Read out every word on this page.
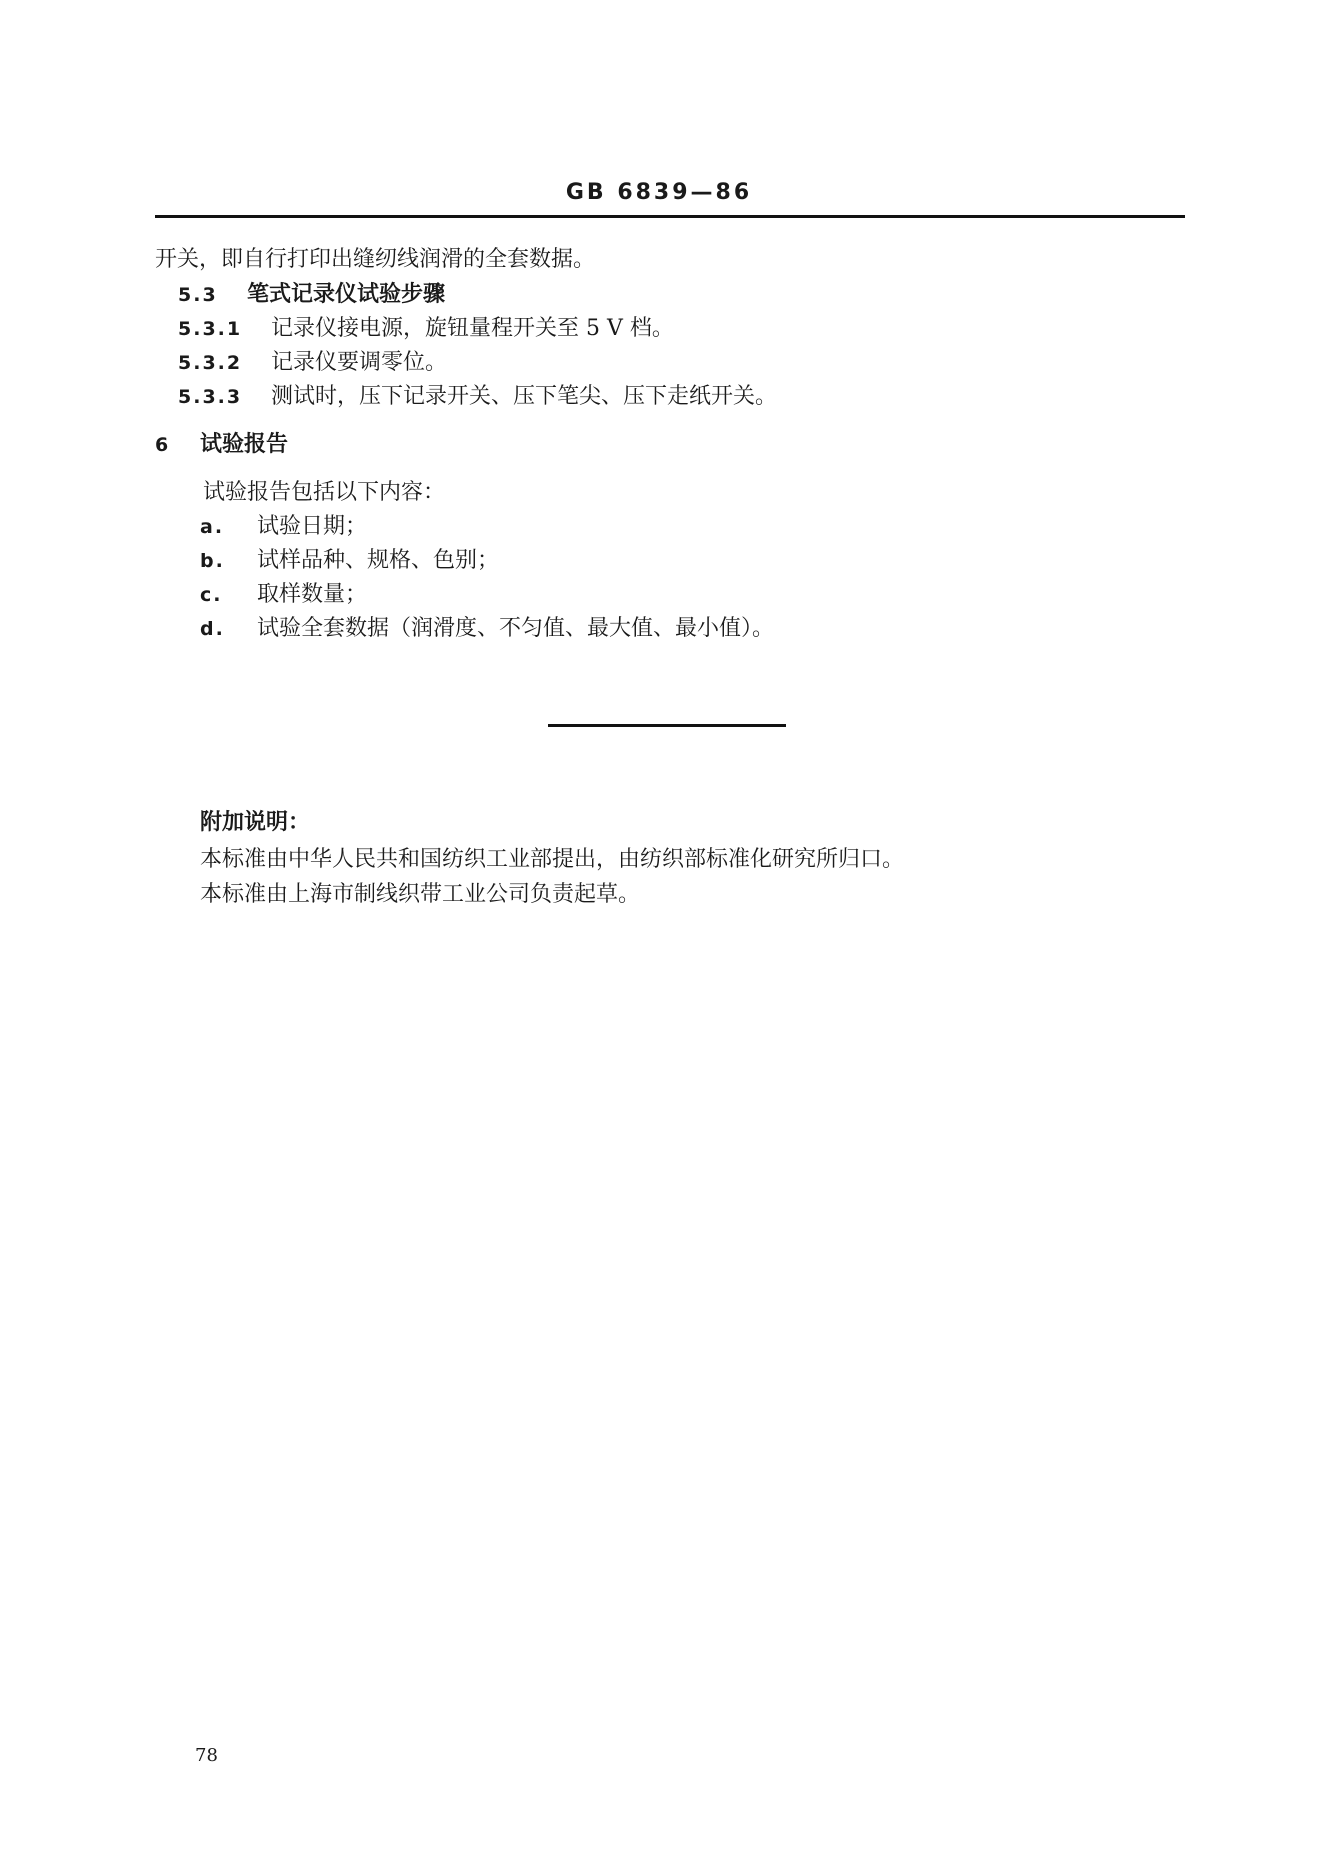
GB 6839—86
开关，即自行打印出缝纫线润滑的全套数据。
5.3 笔式记录仪试验步骤
5.3.1 记录仪接电源，旋钮量程开关至 5 V 档。
5.3.2 记录仪要调零位。
5.3.3 测试时，压下记录开关、压下笔尖、压下走纸开关。
6 试验报告
试验报告包括以下内容：
a. 试验日期；
b. 试样品种、规格、色别；
c. 取样数量；
d. 试验全套数据（润滑度、不匀值、最大值、最小值）。
附加说明：
本标准由中华人民共和国纺织工业部提出，由纺织部标准化研究所归口。
本标准由上海市制线织带工业公司负责起草。
78
